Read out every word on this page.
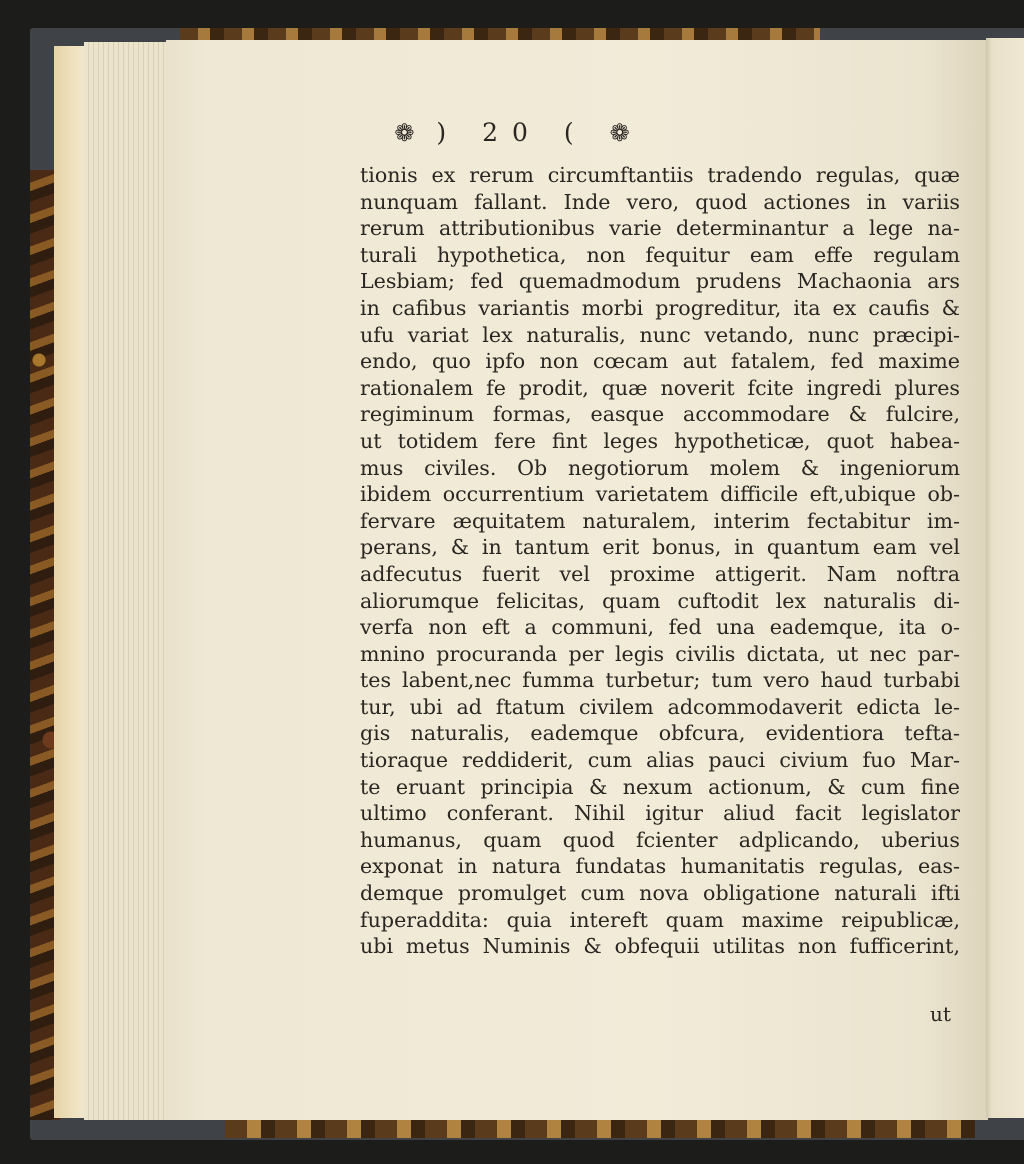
❁ ) 20 ( ❁
tionis ex rerum circumftantiis tradendo regulas, quæ
nunquam fallant. Inde vero, quod actiones in variis
rerum attributionibus varie determinantur a lege na-
turali hypothetica, non fequitur eam effe regulam
Lesbiam; fed quemadmodum prudens Machaonia ars
in cafibus variantis morbi progreditur, ita ex caufis &
ufu variat lex naturalis, nunc vetando, nunc præcipi-
endo, quo ipfo non cœcam aut fatalem, fed maxime
rationalem fe prodit, quæ noverit fcite ingredi plures
regiminum formas, easque accommodare & fulcire,
ut totidem fere fint leges hypotheticæ, quot habea-
mus civiles. Ob negotiorum molem & ingeniorum
ibidem occurrentium varietatem difficile eft,ubique ob-
fervare æquitatem naturalem, interim fectabitur im-
perans, & in tantum erit bonus, in quantum eam vel
adfecutus fuerit vel proxime attigerit. Nam noftra
aliorumque felicitas, quam cuftodit lex naturalis di-
verfa non eft a communi, fed una eademque, ita o-
mnino procuranda per legis civilis dictata, ut nec par-
tes labent,nec fumma turbetur; tum vero haud turbabi
tur, ubi ad ftatum civilem adcommodaverit edicta le-
gis naturalis, eademque obfcura, evidentiora tefta-
tioraque reddiderit, cum alias pauci civium fuo Mar-
te eruant principia & nexum actionum, & cum fine
ultimo conferant. Nihil igitur aliud facit legislator
humanus, quam quod fcienter adplicando, uberius
exponat in natura fundatas humanitatis regulas, eas-
demque promulget cum nova obligatione naturali ifti
fuperaddita: quia intereft quam maxime reipublicæ,
ubi metus Numinis & obfequii utilitas non fufficerint,
ut
